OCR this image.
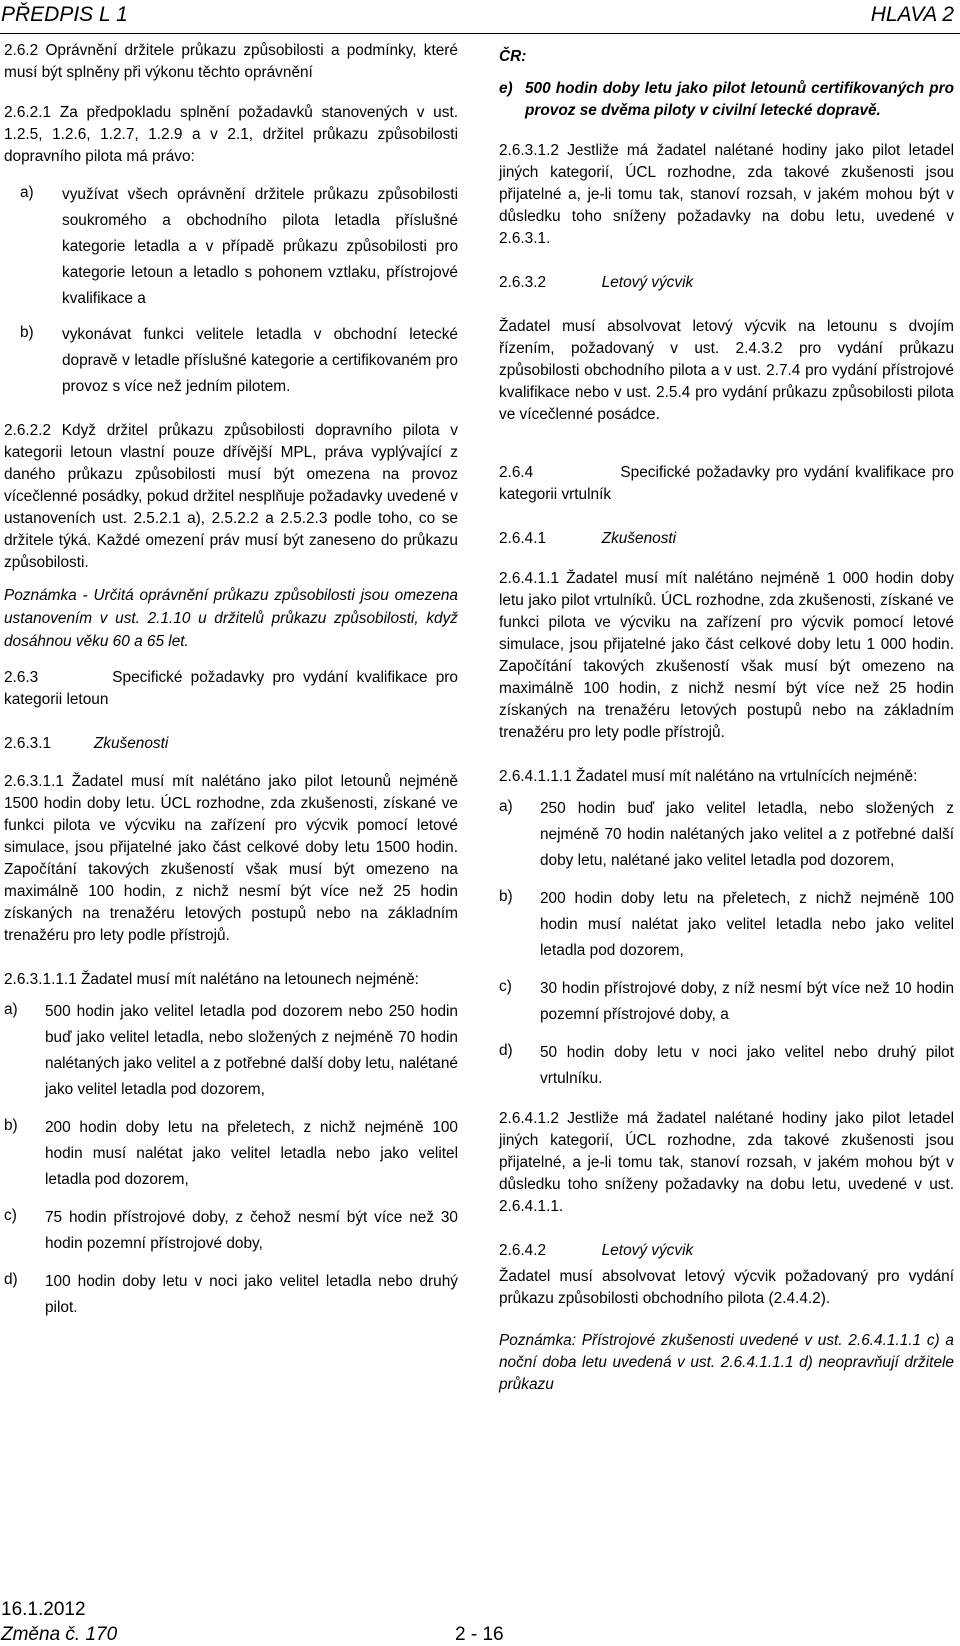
PŘEDPIS L 1	HLAVA 2

2.6.2 Oprávnění držitele průkazu způsobilosti a podmínky, které musí být splněny při výkonu těchto oprávnění

2.6.2.1 Za předpokladu splnění požadavků stanovených v ust. 1.2.5, 1.2.6, 1.2.7, 1.2.9 a v 2.1, držitel průkazu způsobilosti dopravního pilota má právo:

a)	využívat všech oprávnění držitele průkazu způsobilosti soukromého a obchodního pilota letadla příslušné kategorie letadla a v případě průkazu způsobilosti pro kategorie letoun a letadlo s pohonem vztlaku, přístrojové kvalifikace a
b)	vykonávat funkci velitele letadla v obchodní letecké dopravě v letadle příslušné kategorie a certifikovaném pro provoz s více než jedním pilotem.

2.6.2.2 Když držitel průkazu způsobilosti dopravního pilota v kategorii letoun vlastní pouze dřívější MPL, práva vyplývající z daného průkazu způsobilosti musí být omezena na provoz vícečlenné posádky, pokud držitel nesplňuje požadavky uvedené v ustanoveních ust. 2.5.2.1 a), 2.5.2.2 a 2.5.2.3 podle toho, co se držitele týká. Každé omezení práv musí být zaneseno do průkazu způsobilosti.

Poznámka - Určitá oprávnění průkazu způsobilosti jsou omezena ustanovením v ust. 2.1.10 u držitelů průkazu způsobilosti, když dosáhnou věku 60 a 65 let.

2.6.3	Specifické požadavky pro vydání kvalifikace pro kategorii letoun

2.6.3.1	Zkušenosti

2.6.3.1.1 Žadatel musí mít nalétáno jako pilot letounů nejméně 1500 hodin doby letu. ÚCL rozhodne, zda zkušenosti, získané ve funkci pilota ve výcviku na zařízení pro výcvik pomocí letové simulace, jsou přijatelné jako část celkové doby letu 1500 hodin. Započítání takových zkušeností však musí být omezeno na maximálně 100 hodin, z nichž nesmí být více než 25 hodin získaných na trenažéru letových postupů nebo na základním trenažéru pro lety podle přístrojů.

2.6.3.1.1.1 Žadatel musí mít nalétáno na letounech nejméně:

a)	500 hodin jako velitel letadla pod dozorem nebo 250 hodin buď jako velitel letadla, nebo složených z nejméně 70 hodin nalétaných jako velitel a z potřebné další doby letu, nalétané jako velitel letadla pod dozorem,
b)	200 hodin doby letu na přeletech, z nichž nejméně 100 hodin musí nalétat jako velitel letadla nebo jako velitel letadla pod dozorem,
c)	75 hodin přístrojové doby, z čehož nesmí být více než 30 hodin pozemní přístrojové doby,
d)	100 hodin doby letu v noci jako velitel letadla nebo druhý pilot.

ČR:

e) 500 hodin doby letu jako pilot letounů certifikovaných pro provoz se dvěma piloty v civilní letecké dopravě.

2.6.3.1.2 Jestliže má žadatel nalétané hodiny jako pilot letadel jiných kategorií, ÚCL rozhodne, zda takové zkušenosti jsou přijatelné a, je-li tomu tak, stanoví rozsah, v jakém mohou být v důsledku toho sníženy požadavky na dobu letu, uvedené v 2.6.3.1.

2.6.3.2	Letový výcvik

Žadatel musí absolvovat letový výcvik na letounu s dvojím řízením, požadovaný v ust. 2.4.3.2 pro vydání průkazu způsobilosti obchodního pilota a v ust. 2.7.4 pro vydání přístrojové kvalifikace nebo v ust. 2.5.4 pro vydání průkazu způsobilosti pilota ve vícečlenné posádce.

2.6.4	Specifické požadavky pro vydání kvalifikace pro kategorii vrtulník

2.6.4.1	Zkušenosti

2.6.4.1.1 Žadatel musí mít nalétáno nejméně 1 000 hodin doby letu jako pilot vrtulníků. ÚCL rozhodne, zda zkušenosti, získané ve funkci pilota ve výcviku na zařízení pro výcvik pomocí letové simulace, jsou přijatelné jako část celkové doby letu 1 000 hodin. Započítání takových zkušeností však musí být omezeno na maximálně 100 hodin, z nichž nesmí být více než 25 hodin získaných na trenažéru letových postupů nebo na základním trenažéru pro lety podle přístrojů.

2.6.4.1.1.1 Žadatel musí mít nalétáno na vrtulnících nejméně:

a)	250 hodin buď jako velitel letadla, nebo složených z nejméně 70 hodin nalétaných jako velitel a z potřebné další doby letu, nalétané jako velitel letadla pod dozorem,
b)	200 hodin doby letu na přeletech, z nichž nejméně 100 hodin musí nalétat jako velitel letadla nebo jako velitel letadla pod dozorem,
c)	30 hodin přístrojové doby, z níž nesmí být více než 10 hodin pozemní přístrojové doby, a
d)	50 hodin doby letu v noci jako velitel nebo druhý pilot vrtulníku.

2.6.4.1.2 Jestliže má žadatel nalétané hodiny jako pilot letadel jiných kategorií, ÚCL rozhodne, zda takové zkušenosti jsou přijatelné, a je-li tomu tak, stanoví rozsah, v jakém mohou být v důsledku toho sníženy požadavky na dobu letu, uvedené v ust. 2.6.4.1.1.

2.6.4.2	Letový výcvik

Žadatel musí absolvovat letový výcvik požadovaný pro vydání průkazu způsobilosti obchodního pilota (2.4.4.2).

Poznámka: Přístrojové zkušenosti uvedené v ust. 2.6.4.1.1.1 c) a noční doba letu uvedená v ust. 2.6.4.1.1.1 d) neopravňují držitele průkazu

16.1.2012
Změna č. 170	2 - 16
